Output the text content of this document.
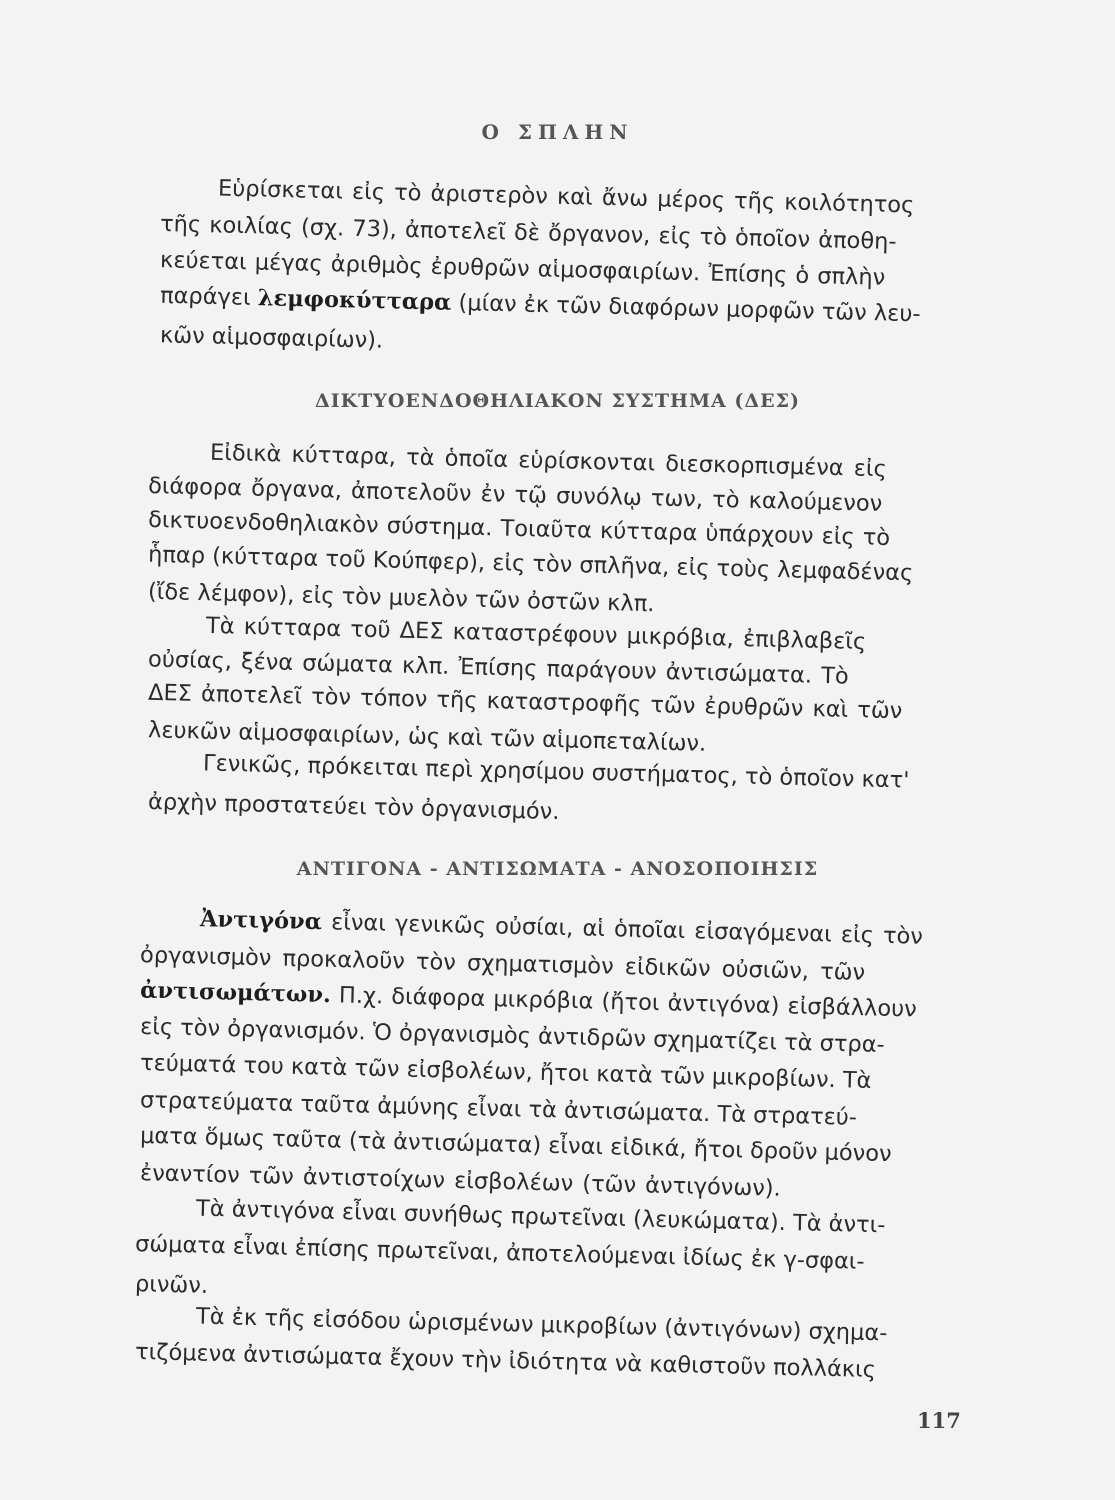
Ο ΣΠΛΗΝ
Εὑρίσκεται εἰς τὸ ἀριστερὸν καὶ ἄνω μέρος τῆς κοιλότητος
τῆς κοιλίας (σχ. 73), ἀποτελεῖ δὲ ὄργανον, εἰς τὸ ὁποῖον ἀποθη-
κεύεται μέγας ἀριθμὸς ἐρυθρῶν αἱμοσφαιρίων. Ἐπίσης ὁ σπλὴν
παράγει λεμφοκύτταρα (μίαν ἐκ τῶν διαφόρων μορφῶν τῶν λευ-
κῶν αἱμοσφαιρίων).
ΔΙΚΤΥΟΕΝΔΟΘΗΛΙΑΚΟΝ ΣΥΣΤΗΜΑ (ΔΕΣ)
Εἰδικὰ κύτταρα, τὰ ὁποῖα εὑρίσκονται διεσκορπισμένα εἰς
διάφορα ὄργανα, ἀποτελοῦν ἐν τῷ συνόλῳ των, τὸ καλούμενον
δικτυοενδοθηλιακὸν σύστημα. Τοιαῦτα κύτταρα ὑπάρχουν εἰς τὸ
ἧπαρ (κύτταρα τοῦ Κούπφερ), εἰς τὸν σπλῆνα, εἰς τοὺς λεμφαδένας
(ἴδε λέμφον), εἰς τὸν μυελὸν τῶν ὀστῶν κλπ.
Τὰ κύτταρα τοῦ ΔΕΣ καταστρέφουν μικρόβια, ἐπιβλαβεῖς
οὐσίας, ξένα σώματα κλπ. Ἐπίσης παράγουν ἀντισώματα. Τὸ
ΔΕΣ ἀποτελεῖ τὸν τόπον τῆς καταστροφῆς τῶν ἐρυθρῶν καὶ τῶν
λευκῶν αἱμοσφαιρίων, ὡς καὶ τῶν αἱμοπεταλίων.
Γενικῶς, πρόκειται περὶ χρησίμου συστήματος, τὸ ὁποῖον κατ'
ἀρχὴν προστατεύει τὸν ὀργανισμόν.
ΑΝΤΙΓΟΝΑ - ΑΝΤΙΣΩΜΑΤΑ - ΑΝΟΣΟΠΟΙΗΣΙΣ
Ἀντιγόνα εἶναι γενικῶς οὐσίαι, αἱ ὁποῖαι εἰσαγόμεναι εἰς τὸν
ὀργανισμὸν προκαλοῦν τὸν σχηματισμὸν εἰδικῶν οὐσιῶν, τῶν
ἀντισωμάτων. Π.χ. διάφορα μικρόβια (ἤτοι ἀντιγόνα) εἰσβάλλουν
εἰς τὸν ὀργανισμόν. Ὁ ὀργανισμὸς ἀντιδρῶν σχηματίζει τὰ στρα-
τεύματά του κατὰ τῶν εἰσβολέων, ἤτοι κατὰ τῶν μικροβίων. Τὰ
στρατεύματα ταῦτα ἀμύνης εἶναι τὰ ἀντισώματα. Τὰ στρατεύ-
ματα ὅμως ταῦτα (τὰ ἀντισώματα) εἶναι εἰδικά, ἤτοι δροῦν μόνον
ἐναντίον τῶν ἀντιστοίχων εἰσβολέων (τῶν ἀντιγόνων).
Τὰ ἀντιγόνα εἶναι συνήθως πρωτεῖναι (λευκώματα). Τὰ ἀντι-
σώματα εἶναι ἐπίσης πρωτεῖναι, ἀποτελούμεναι ἰδίως ἐκ γ-σφαι-
ρινῶν.
Τὰ ἐκ τῆς εἰσόδου ὡρισμένων μικροβίων (ἀντιγόνων) σχημα-
τιζόμενα ἀντισώματα ἔχουν τὴν ἰδιότητα νὰ καθιστοῦν πολλάκις
117
